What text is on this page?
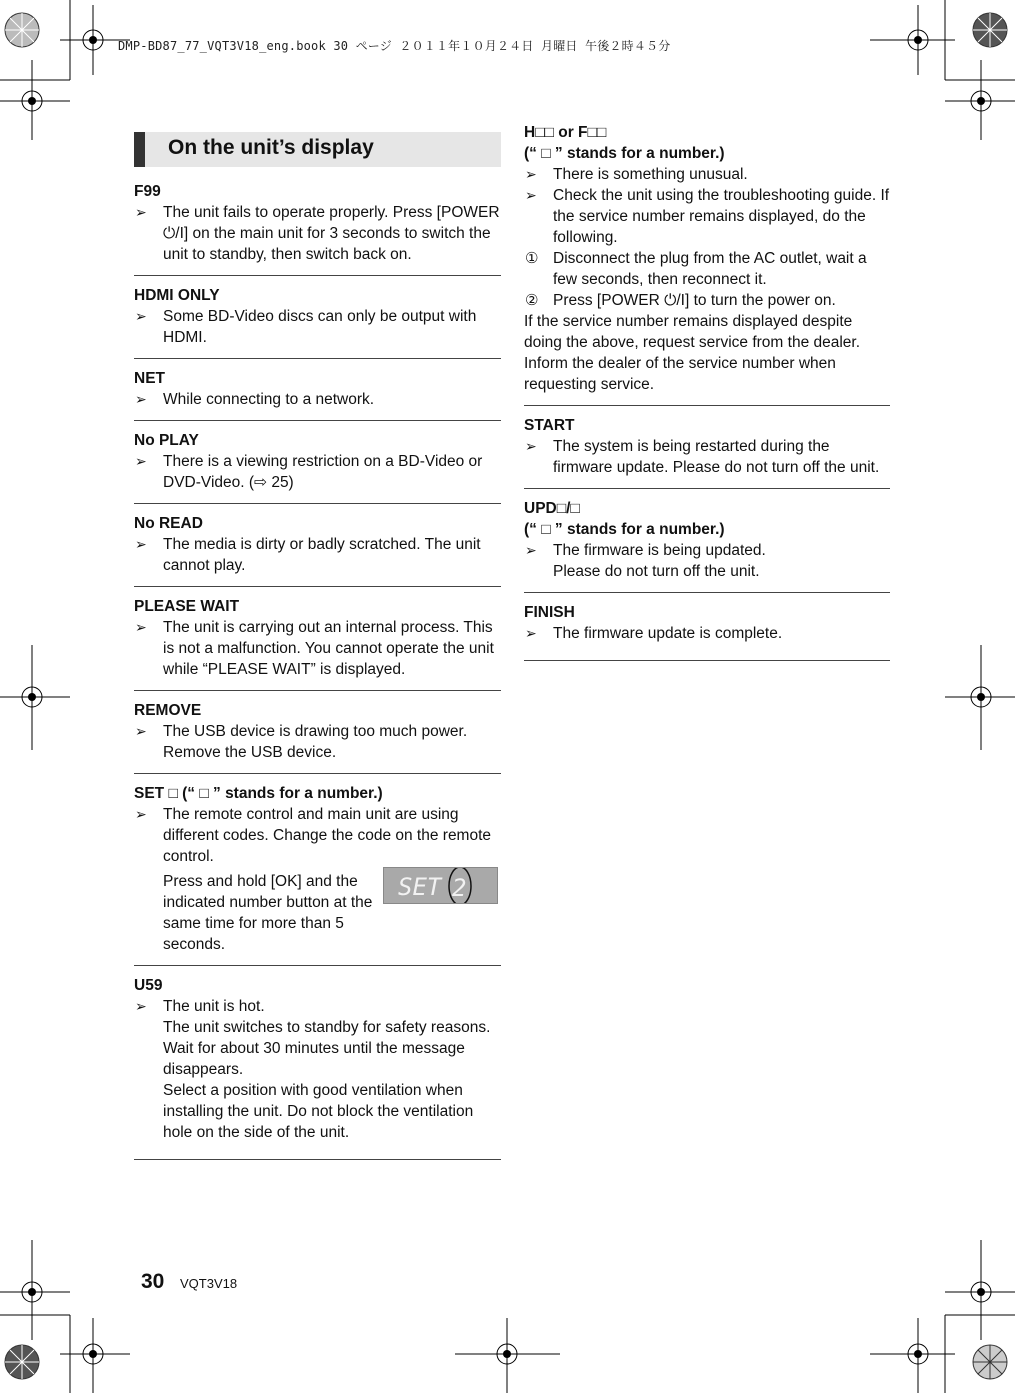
DMP-BD87_77_VQT3V18_eng.book 30 ページ ２０１１年１０月２４日 月曜日 午後２時４５分
On the unit’s display
F99
➢ The unit fails to operate properly. Press [POWER ⏻/I] on the main unit for 3 seconds to switch the unit to standby, then switch back on.
HDMI ONLY
➢ Some BD-Video discs can only be output with HDMI.
NET
➢ While connecting to a network.
No PLAY
➢ There is a viewing restriction on a BD-Video or DVD-Video. (⇨ 25)
No READ
➢ The media is dirty or badly scratched. The unit cannot play.
PLEASE WAIT
➢ The unit is carrying out an internal process. This is not a malfunction. You cannot operate the unit while “PLEASE WAIT” is displayed.
REMOVE
➢ The USB device is drawing too much power. Remove the USB device.
SET □ (“ □ ” stands for a number.)
➢ The remote control and main unit are using different codes. Change the code on the remote control.
Press and hold [OK] and the indicated number button at the same time for more than 5 seconds.
SET 2
U59
➢ The unit is hot.
The unit switches to standby for safety reasons. Wait for about 30 minutes until the message disappears.
Select a position with good ventilation when installing the unit. Do not block the ventilation hole on the side of the unit.
H□□ or F□□
(“ □ ” stands for a number.)
➢ There is something unusual.
➢ Check the unit using the troubleshooting guide. If the service number remains displayed, do the following.
① Disconnect the plug from the AC outlet, wait a few seconds, then reconnect it.
② Press [POWER ⏻/I] to turn the power on.
If the service number remains displayed despite doing the above, request service from the dealer. Inform the dealer of the service number when requesting service.
START
➢ The system is being restarted during the firmware update. Please do not turn off the unit.
UPD□/□
(“ □ ” stands for a number.)
➢ The firmware is being updated.
Please do not turn off the unit.
FINISH
➢ The firmware update is complete.
30 VQT3V18
